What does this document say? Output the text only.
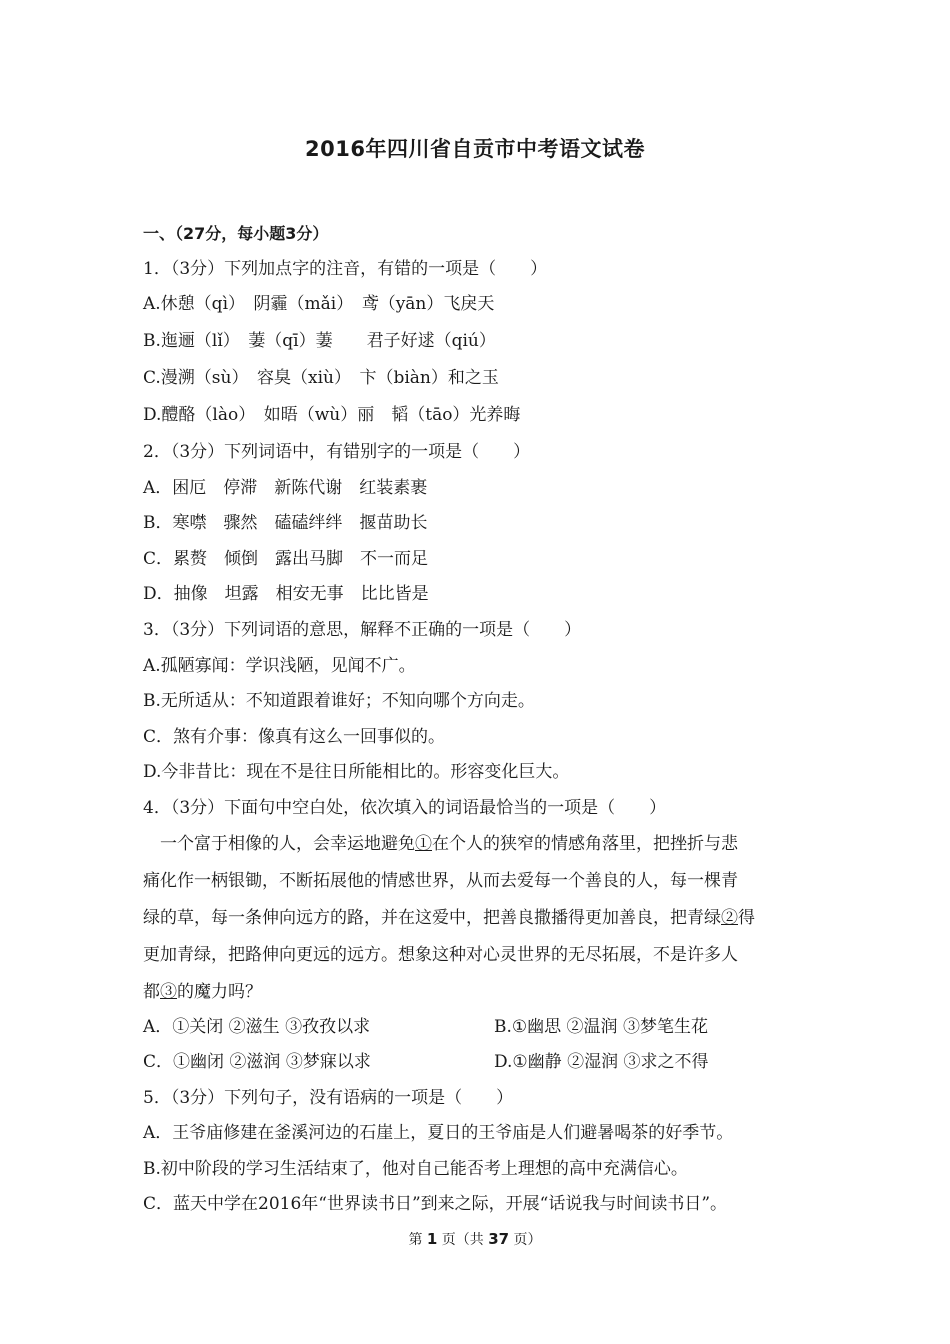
2016年四川省自贡市中考语文试卷
一、（27分，每小题3分）
1．（3分）下列加点字的注音，有错的一项是（　　）
A.休憩（qì）　阴霾（mǎi）　鸢（yān）飞戾天
B.迤逦（lǐ）　萋（qī）萋　　君子好逑（qiú）
C.漫溯（sù）　容臭（xiù）　卞（biàn）和之玉
D.醴酪（lào）　如晤（wù）丽　韬（tāo）光养晦
2．（3分）下列词语中，有错别字的一项是（　　）
A．困厄　停滞　新陈代谢　红装素裹
B．寒噤　骤然　磕磕绊绊　揠苗助长
C．累赘　倾倒　露出马脚　不一而足
D．抽像　坦露　相安无事　比比皆是
3．（3分）下列词语的意思，解释不正确的一项是（　　）
A.孤陋寡闻：学识浅陋，见闻不广。
B.无所适从：不知道跟着谁好；不知向哪个方向走。
C．煞有介事：像真有这么一回事似的。
D.今非昔比：现在不是往日所能相比的。形容变化巨大。
4．（3分）下面句中空白处，依次填入的词语最恰当的一项是（　　）
　一个富于相像的人，会幸运地避免①在个人的狭窄的情感角落里，把挫折与悲
痛化作一柄银锄，不断拓展他的情感世界，从而去爱每一个善良的人，每一棵青
绿的草，每一条伸向远方的路，并在这爱中，把善良撒播得更加善良，把青绿②得
更加青绿，把路伸向更远的远方。想象这种对心灵世界的无尽拓展，不是许多人
都③的魔力吗？
A．①关闭 ②滋生 ③孜孜以求	B.①幽思 ②温润 ③梦笔生花
C．①幽闭 ②滋润 ③梦寐以求	D.①幽静 ②湿润 ③求之不得
5．（3分）下列句子，没有语病的一项是（　　）
A．王爷庙修建在釜溪河边的石崖上，夏日的王爷庙是人们避暑喝茶的好季节。
B.初中阶段的学习生活结束了，他对自己能否考上理想的高中充满信心。
C．蓝天中学在2016年“世界读书日”到来之际，开展“话说我与时间读书日”。
第 1 页（共 37 页）
